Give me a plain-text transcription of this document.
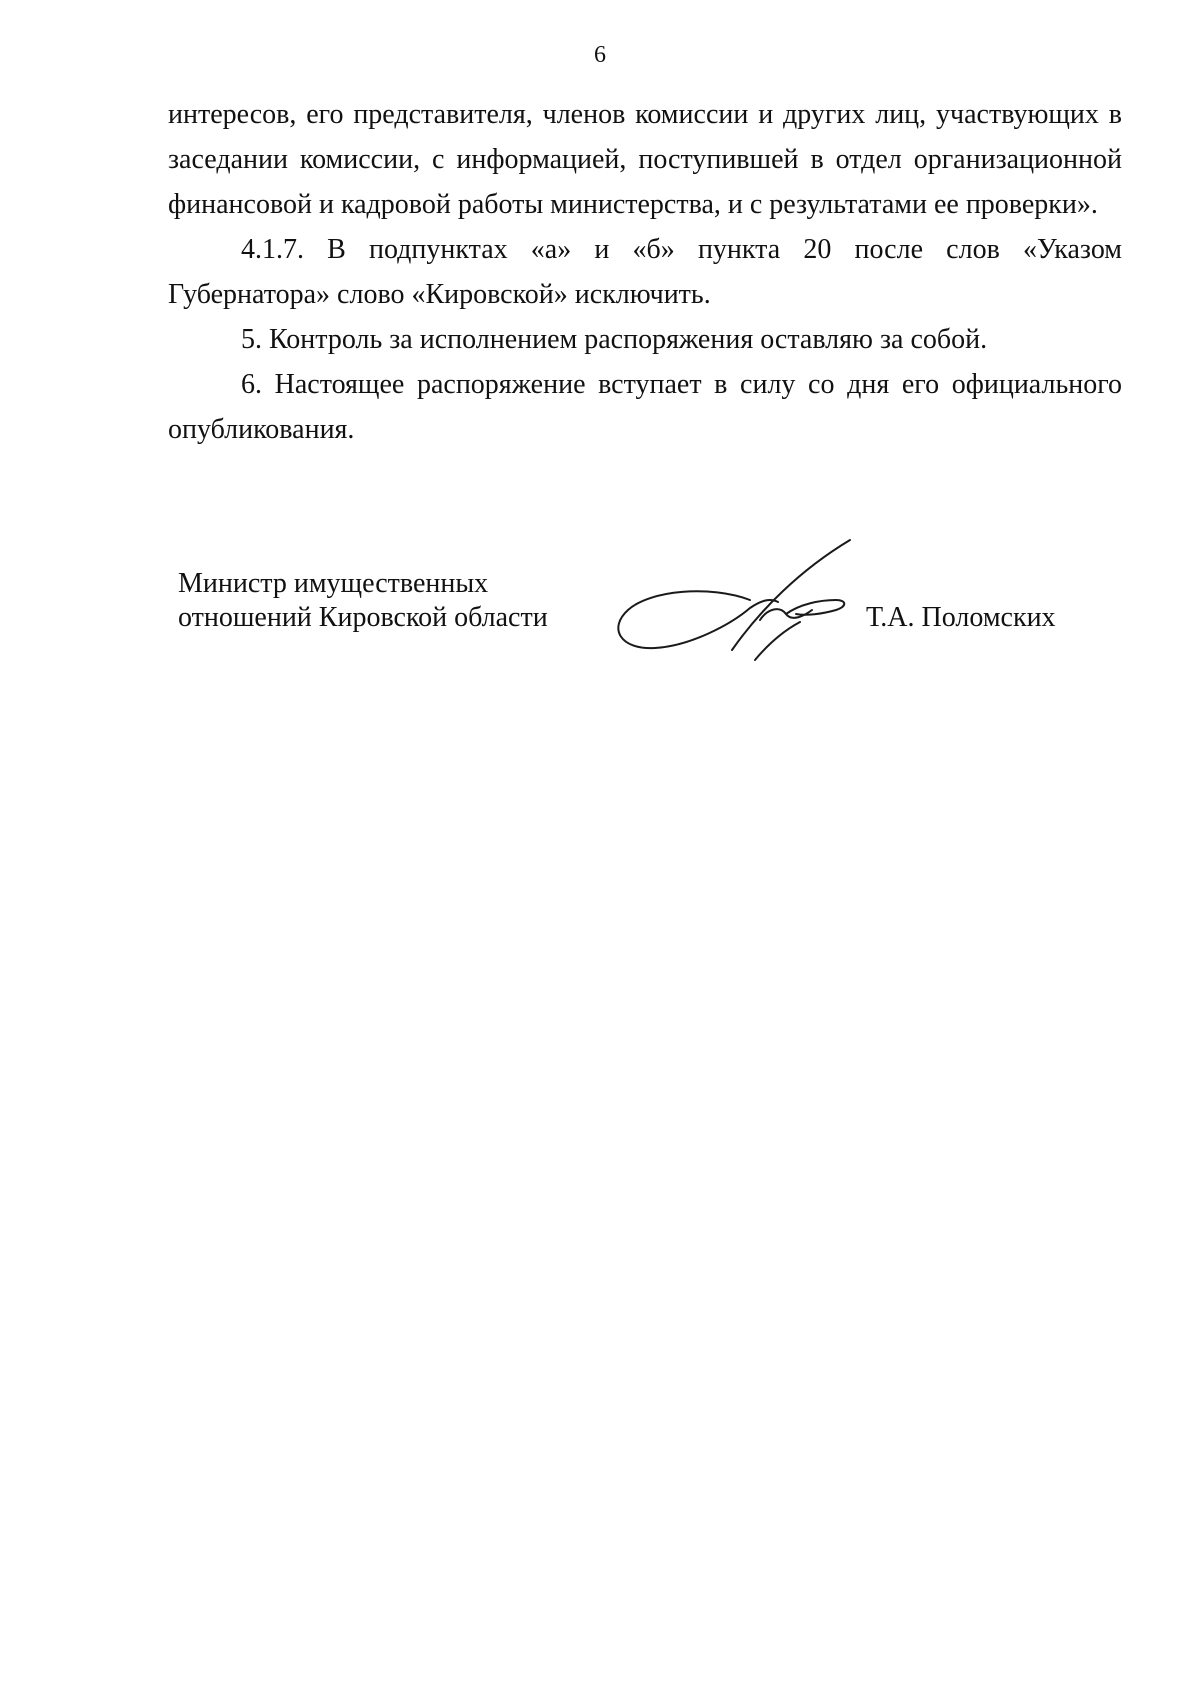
6

интересов, его представителя, членов комиссии и других лиц, участвующих в
заседании комиссии, с информацией, поступившей в отдел организационной
финансовой и кадровой работы министерства, и с результатами ее проверки».

4.1.7. В подпунктах «а» и «б» пункта 20 после слов «Указом
Губернатора» слово «Кировской» исключить.

5. Контроль за исполнением распоряжения оставляю за собой.

6. Настоящее распоряжение вступает в силу со дня его официального
опубликования.

Министр имущественных
отношений Кировской области	Т.А. Поломских
